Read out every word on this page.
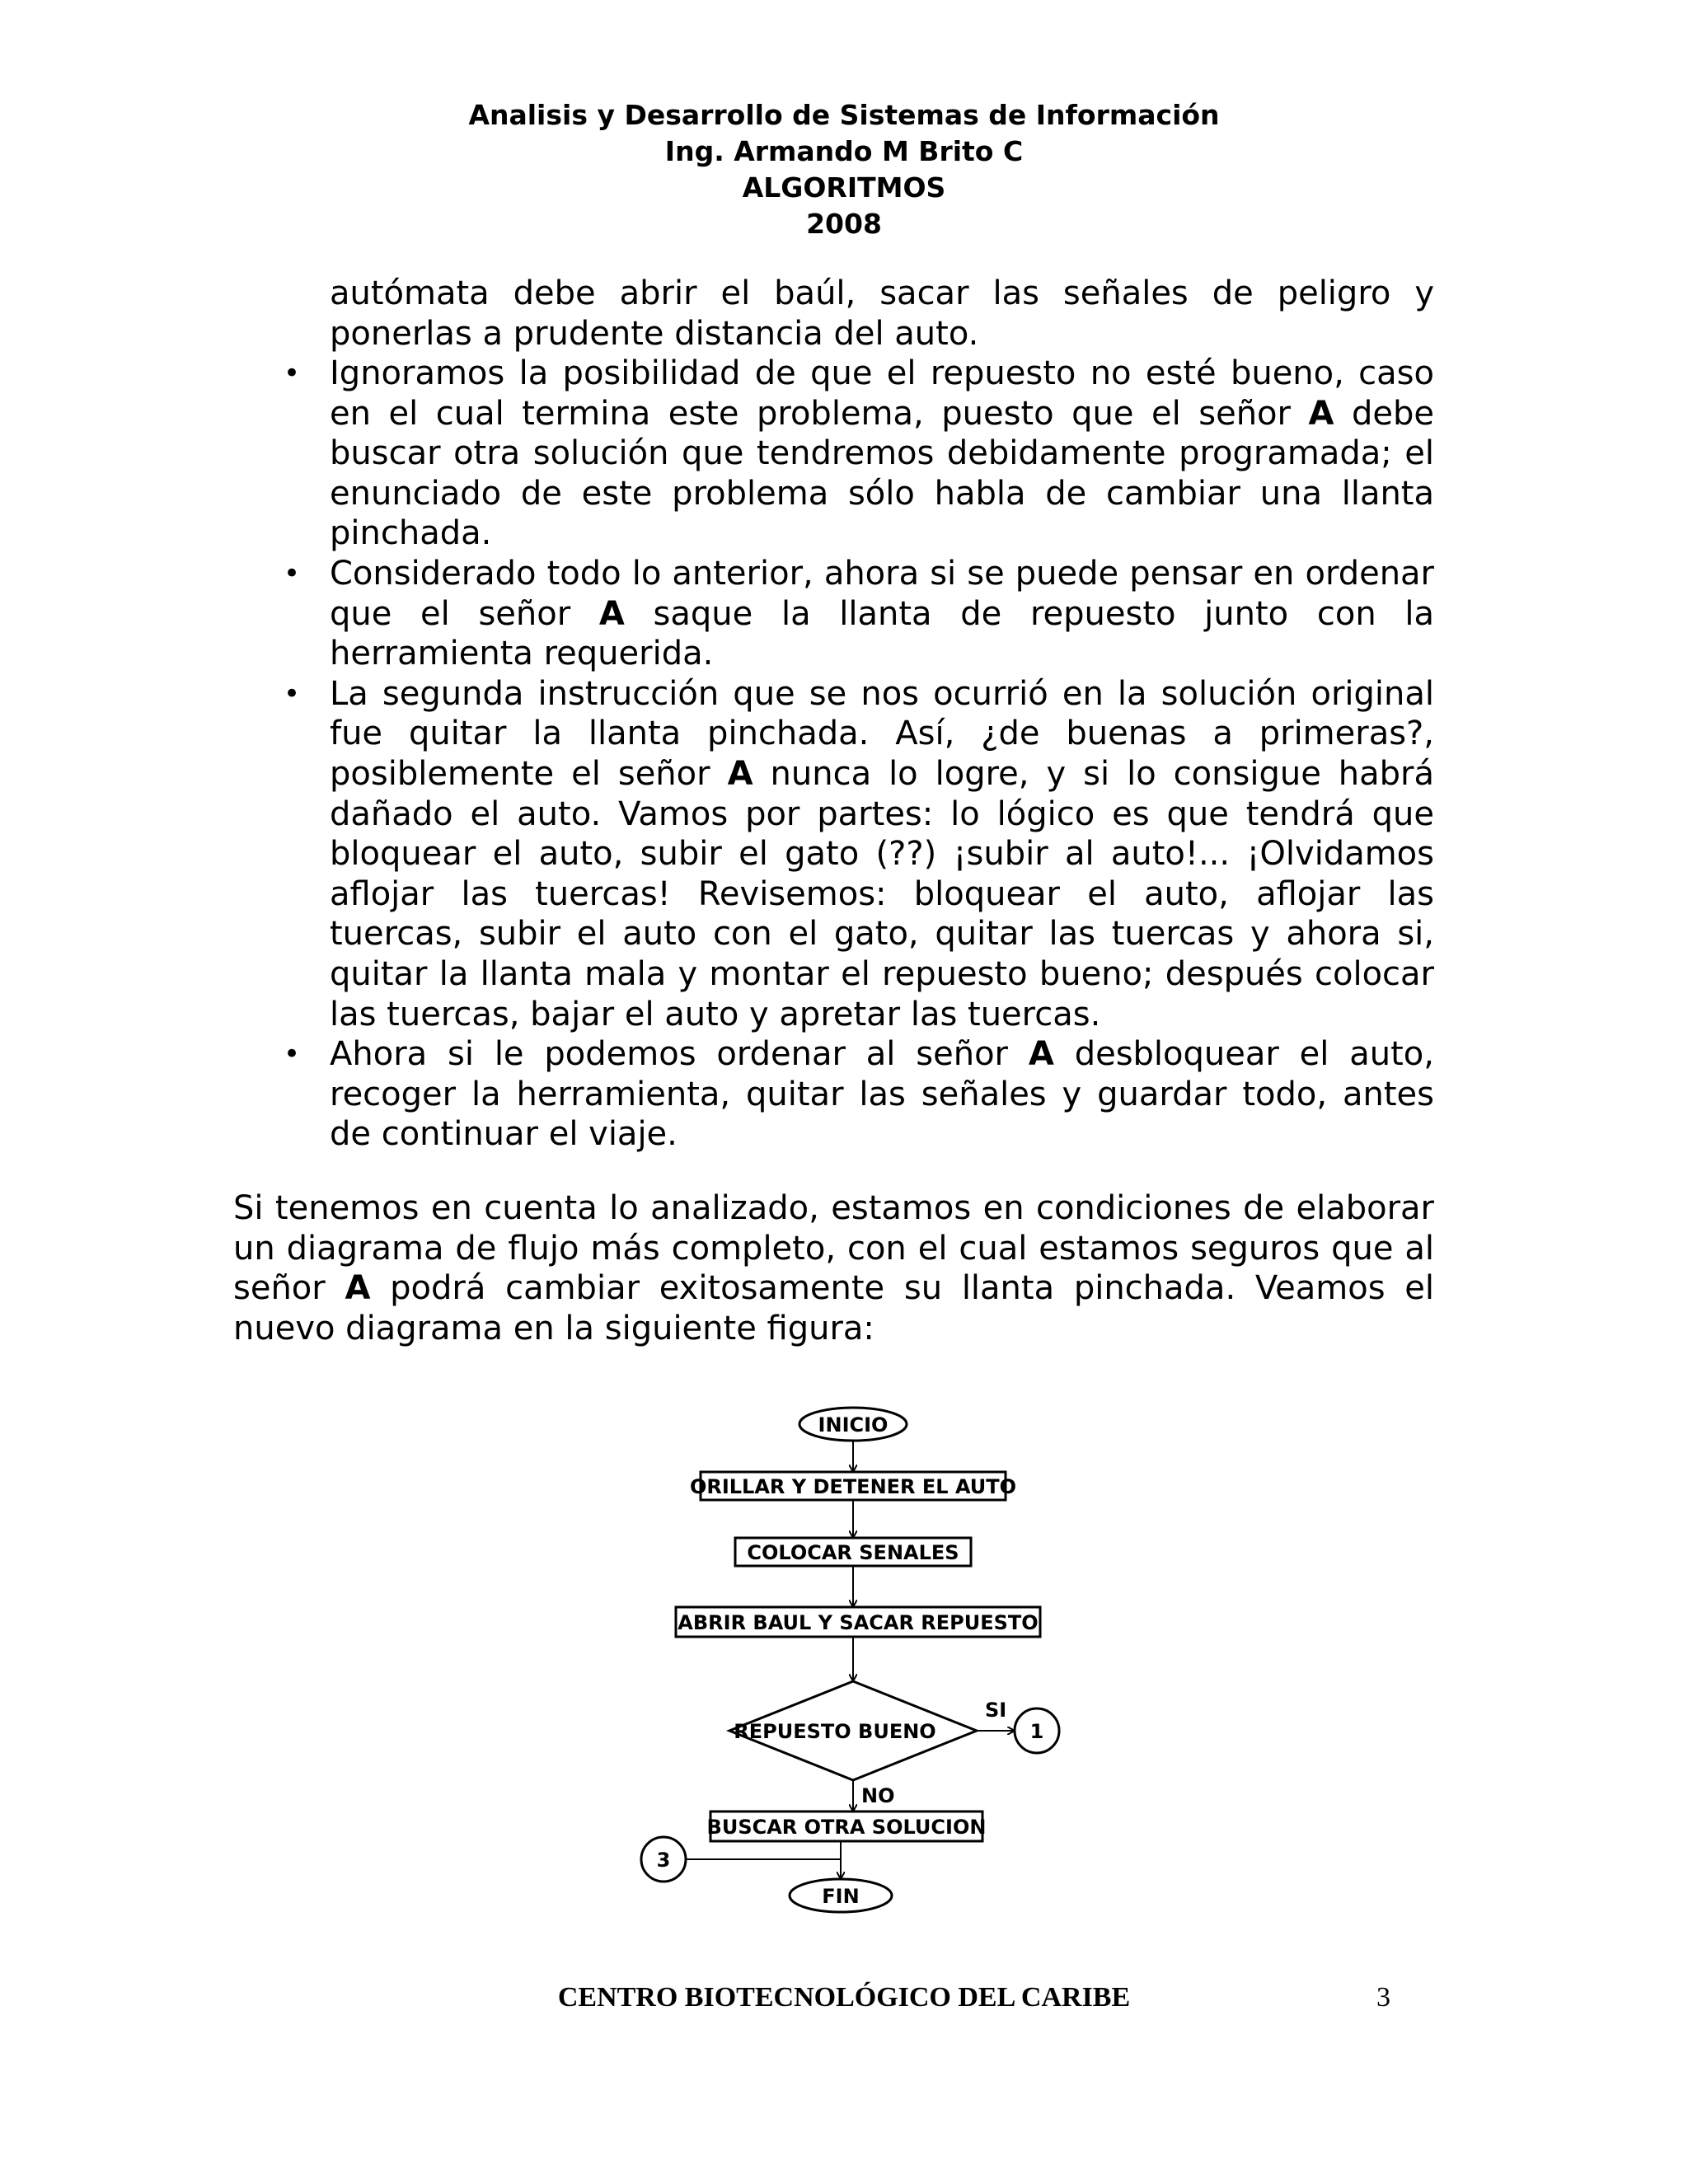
Analisis y Desarrollo de Sistemas de Información
Ing. Armando M Brito C
ALGORITMOS
2008

autómata debe abrir el baúl, sacar las señales de peligro y ponerlas a prudente distancia del auto.

• Ignoramos la posibilidad de que el repuesto no esté bueno, caso en el cual termina este problema, puesto que el señor A debe buscar otra solución que tendremos debidamente programada; el enunciado de este problema sólo habla de cambiar una llanta pinchada.
• Considerado todo lo anterior, ahora si se puede pensar en ordenar que el señor A saque la llanta de repuesto junto con la herramienta requerida.
• La segunda instrucción que se nos ocurrió en la solución original fue quitar la llanta pinchada. Así, ¿de buenas a primeras?, posiblemente el señor A nunca lo logre, y si lo consigue habrá dañado el auto. Vamos por partes: lo lógico es que tendrá que bloquear el auto, subir el gato (??) ¡subir al auto!... ¡Olvidamos aflojar las tuercas! Revisemos: bloquear el auto, aflojar las tuercas, subir el auto con el gato, quitar las tuercas y ahora si, quitar la llanta mala y montar el repuesto bueno; después colocar las tuercas, bajar el auto y apretar las tuercas.
• Ahora si le podemos ordenar al señor A desbloquear el auto, recoger la herramienta, quitar las señales y guardar todo, antes de continuar el viaje.

Si tenemos en cuenta lo analizado, estamos en condiciones de elaborar un diagrama de flujo más completo, con el cual estamos seguros que al señor A podrá cambiar exitosamente su llanta pinchada. Veamos el nuevo diagrama en la siguiente figura:

INICIO
ORILLAR Y DETENER EL AUTO
COLOCAR SENALES
ABRIR BAUL Y SACAR REPUESTO
REPUESTO BUENO
SI
1
NO
BUSCAR OTRA SOLUCION
3
FIN
CENTRO BIOTECNOLÓGICO DEL CARIBE	3
